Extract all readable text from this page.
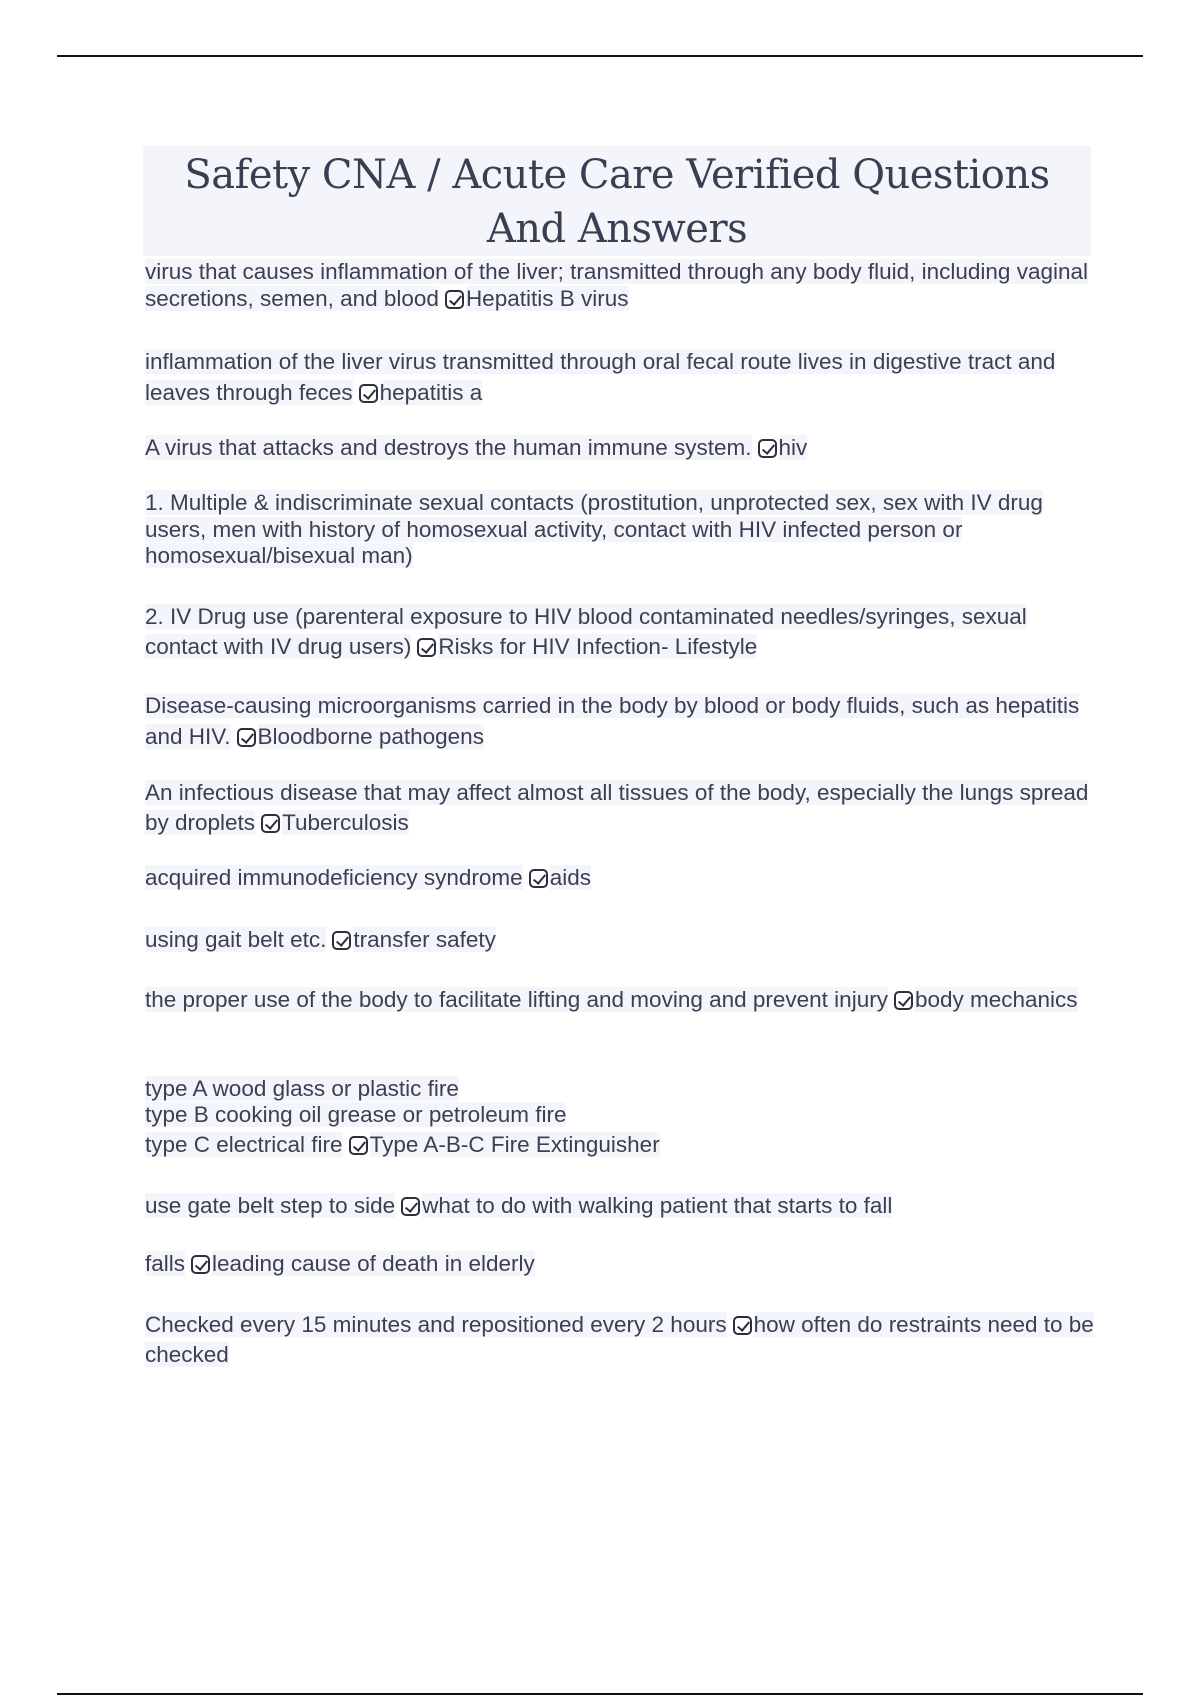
Safety CNA / Acute Care Verified Questions And Answers
virus that causes inflammation of the liver; transmitted through any body fluid, including vaginal secretions, semen, and blood Hepatitis B virus
inflammation of the liver virus transmitted through oral fecal route lives in digestive tract and leaves through feces hepatitis a
A virus that attacks and destroys the human immune system. hiv
1. Multiple & indiscriminate sexual contacts (prostitution, unprotected sex, sex with IV drug users, men with history of homosexual activity, contact with HIV infected person or homosexual/bisexual man)
2. IV Drug use (parenteral exposure to HIV blood contaminated needles/syringes, sexual contact with IV drug users) Risks for HIV Infection- Lifestyle
Disease-causing microorganisms carried in the body by blood or body fluids, such as hepatitis and HIV. Bloodborne pathogens
An infectious disease that may affect almost all tissues of the body, especially the lungs spread by droplets Tuberculosis
acquired immunodeficiency syndrome aids
using gait belt etc. transfer safety
the proper use of the body to facilitate lifting and moving and prevent injury body mechanics
type A wood glass or plastic fire
type B cooking oil grease or petroleum fire
type C electrical fire Type A-B-C Fire Extinguisher
use gate belt step to side what to do with walking patient that starts to fall
falls leading cause of death in elderly
Checked every 15 minutes and repositioned every 2 hours how often do restraints need to be checked
